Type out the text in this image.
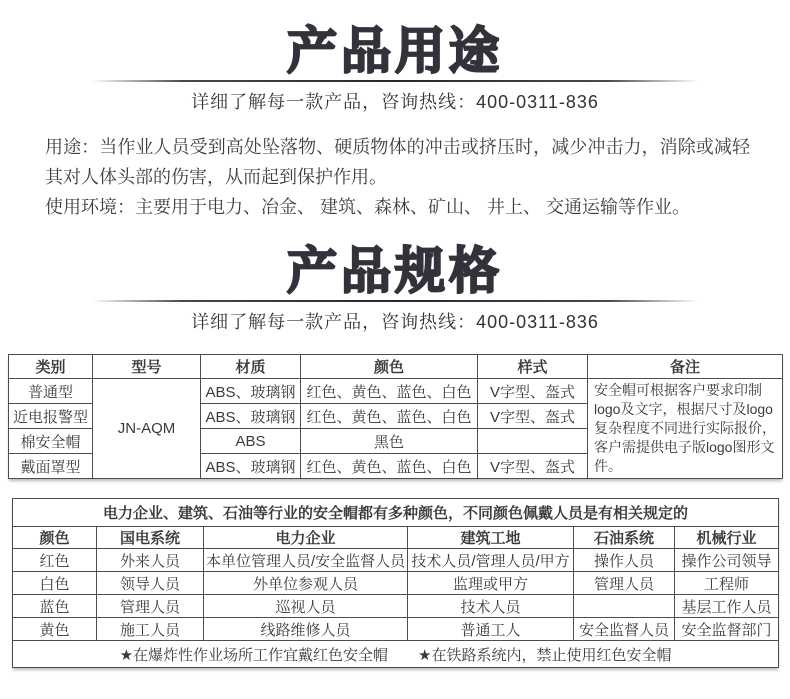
产品用途
详细了解每一款产品，咨询热线：400-0311-836

用途：当作业人员受到高处坠落物、硬质物体的冲击或挤压时，减少冲击力，消除或减轻其对人体头部的伤害，从而起到保护作用。

使用环境：主要用于电力、冶金、 建筑、森林、矿山、 井上、 交通运输等作业。

产品规格
详细了解每一款产品，咨询热线：400-0311-836
类别	型号	材质	颜色	样式	备注
普通型	JN-AQM	ABS、玻璃钢	红色、黄色、蓝色、白色	V字型、盔式	安全帽可根据客户要求印制logo及文字，根据尺寸及logo复杂程度不同进行实际报价，客户需提供电子版logo图形文件。
近电报警型		ABS、玻璃钢	红色、黄色、蓝色、白色	V字型、盔式	
棉安全帽		ABS	黑色		
戴面罩型		ABS、玻璃钢	红色、黄色、蓝色、白色	V字型、盔式	
电力企业、建筑、石油等行业的安全帽都有多种颜色，不同颜色佩戴人员是有相关规定的					
颜色	国电系统	电力企业	建筑工地	石油系统	机械行业
红色	外来人员	本单位管理人员/安全监督人员	技术人员/管理人员/甲方	操作人员	操作公司领导
白色	领导人员	外单位参观人员	监理或甲方	管理人员	工程师
蓝色	管理人员	巡视人员	技术人员		基层工作人员
黄色	施工人员	线路维修人员	普通工人	安全监督人员	安全监督部门
★在爆炸性作业场所工作宜戴红色安全帽　　★在铁路系统内，禁止使用红色安全帽					
